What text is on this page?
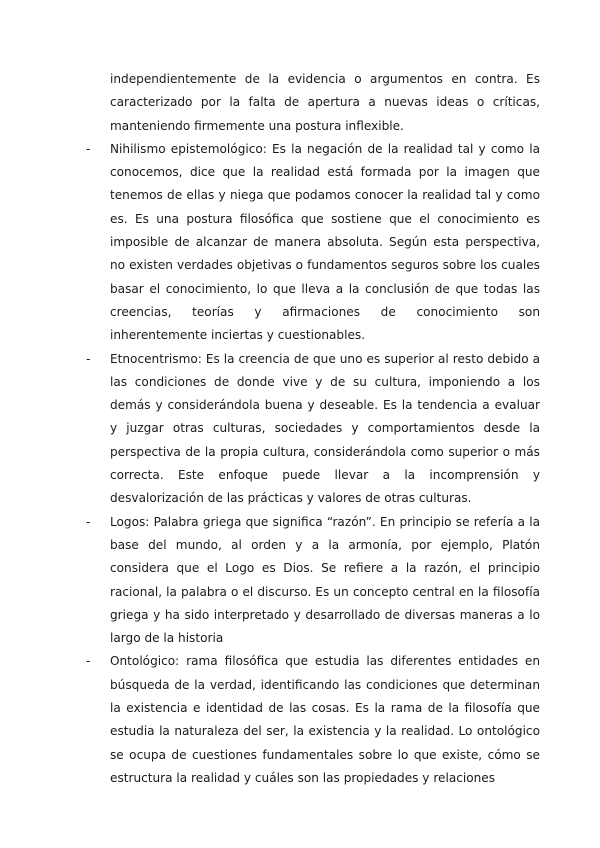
independientemente de la evidencia o argumentos en contra. Es caracterizado por la falta de apertura a nuevas ideas o críticas, manteniendo firmemente una postura inflexible.

- Nihilismo epistemológico: Es la negación de la realidad tal y como la conocemos, dice que la realidad está formada por la imagen que tenemos de ellas y niega que podamos conocer la realidad tal y como es. Es una postura filosófica que sostiene que el conocimiento es imposible de alcanzar de manera absoluta. Según esta perspectiva, no existen verdades objetivas o fundamentos seguros sobre los cuales basar el conocimiento, lo que lleva a la conclusión de que todas las creencias, teorías y afirmaciones de conocimiento son inherentemente inciertas y cuestionables.

- Etnocentrismo: Es la creencia de que uno es superior al resto debido a las condiciones de donde vive y de su cultura, imponiendo a los demás y considerándola buena y deseable. Es la tendencia a evaluar y juzgar otras culturas, sociedades y comportamientos desde la perspectiva de la propia cultura, considerándola como superior o más correcta. Este enfoque puede llevar a la incomprensión y desvalorización de las prácticas y valores de otras culturas.

- Logos: Palabra griega que significa “razón”. En principio se refería a la base del mundo, al orden y a la armonía, por ejemplo, Platón considera que el Logo es Dios. Se refiere a la razón, el principio racional, la palabra o el discurso. Es un concepto central en la filosofía griega y ha sido interpretado y desarrollado de diversas maneras a lo largo de la historia

- Ontológico: rama filosófica que estudia las diferentes entidades en búsqueda de la verdad, identificando las condiciones que determinan la existencia e identidad de las cosas. Es la rama de la filosofía que estudia la naturaleza del ser, la existencia y la realidad. Lo ontológico se ocupa de cuestiones fundamentales sobre lo que existe, cómo se estructura la realidad y cuáles son las propiedades y relaciones
